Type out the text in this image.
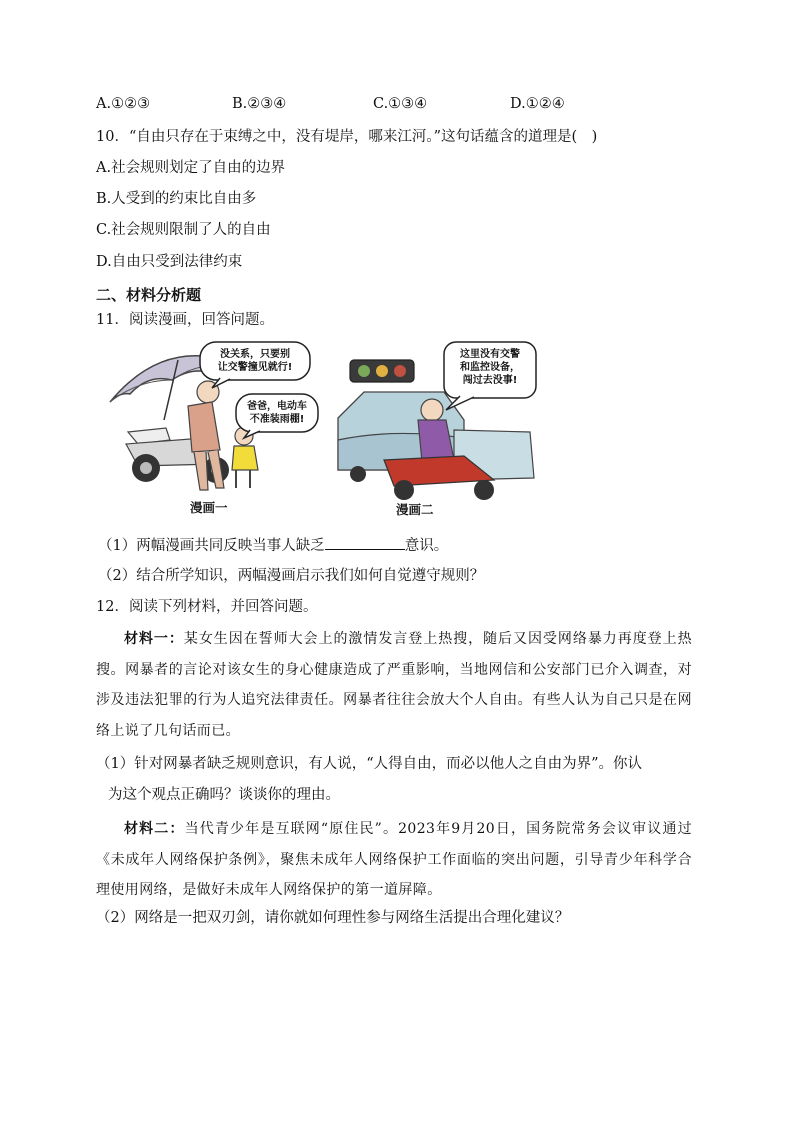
A.①②③	B.②③④	C.①③④	D.①②④
10．“自由只存在于束缚之中，没有堤岸，哪来江河。”这句话蕴含的道理是(　)
A.社会规则划定了自由的边界
B.人受到的约束比自由多
C.社会规则限制了人的自由
D.自由只受到法律约束
二、材料分析题
11．阅读漫画，回答问题。
没关系，只要别
让交警撞见就行!
爸爸，电动车
不准装雨棚!
漫画一
这里没有交警
和监控设备，
闯过去没事!
漫画二
（1）两幅漫画共同反映当事人缺乏	意识。
（2）结合所学知识，两幅漫画启示我们如何自觉遵守规则？
12．阅读下列材料，并回答问题。
材料一：某女生因在誓师大会上的激情发言登上热搜，随后又因受网络暴力再度登上热搜。网暴者的言论对该女生的身心健康造成了严重影响，当地网信和公安部门已介入调查，对涉及违法犯罪的行为人追究法律责任。网暴者往往会放大个人自由。有些人认为自己只是在网络上说了几句话而已。
（1）针对网暴者缺乏规则意识，有人说，“人得自由，而必以他人之自由为界”。你认
为这个观点正确吗？谈谈你的理由。
材料二：当代青少年是互联网“原住民”。2023年9月20日，国务院常务会议审议通过《未成年人网络保护条例》，聚焦未成年人网络保护工作面临的突出问题，引导青少年科学合理使用网络，是做好未成年人网络保护的第一道屏障。
（2）网络是一把双刃剑，请你就如何理性参与网络生活提出合理化建议？
